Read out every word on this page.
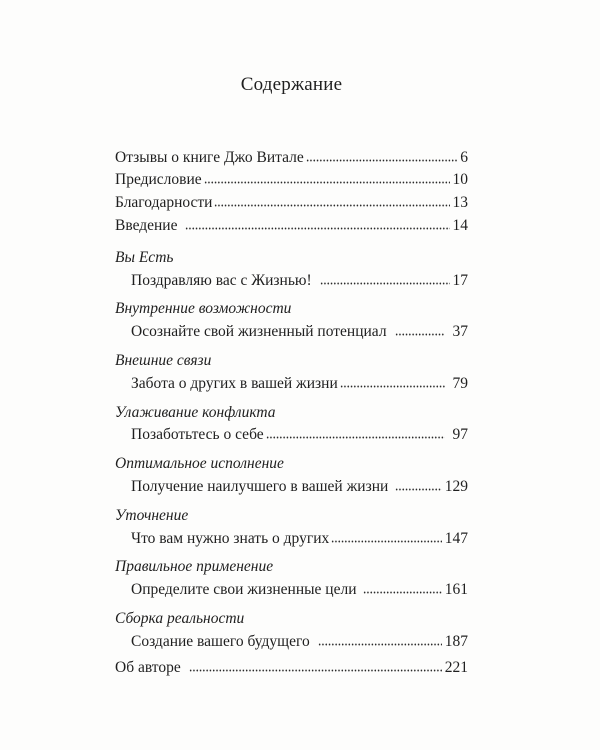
Содержание
Отзывы о книге Джо Витале	6
Предисловие	10
Благодарности	13
Введение	14
Вы Есть
Поздравляю вас с Жизнью!	17
Внутренние возможности
Осознайте свой жизненный потенциал	37
Внешние связи
Забота о других в вашей жизни	79
Улаживание конфликта
Позаботьтесь о себе	97
Оптимальное исполнение
Получение наилучшего в вашей жизни	129
Уточнение
Что вам нужно знать о других	147
Правильное применение
Определите свои жизненные цели	161
Сборка реальности
Создание вашего будущего	187
Об авторе	221
